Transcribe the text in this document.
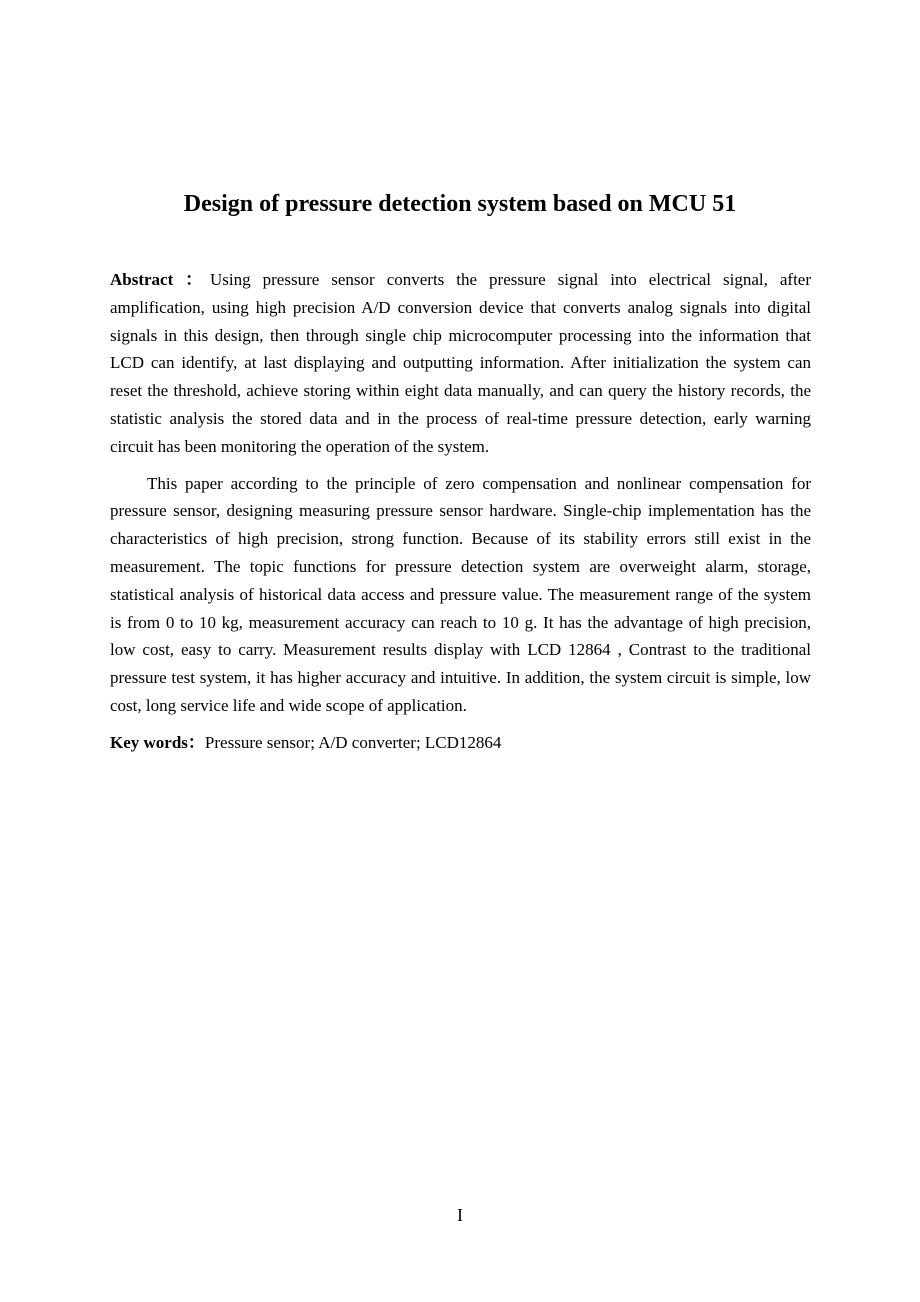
Design of pressure detection system based on MCU 51

Abstract ：Using pressure sensor converts the pressure signal into electrical signal, after amplification, using high precision A/D conversion device that converts analog signals into digital signals in this design, then through single chip microcomputer processing into the information that LCD can identify, at last displaying and outputting information. After initialization the system can reset the threshold, achieve storing within eight data manually, and can query the history records, the statistic analysis the stored data and in the process of real-time pressure detection, early warning circuit has been monitoring the operation of the system.

This paper according to the principle of zero compensation and nonlinear compensation for pressure sensor, designing measuring pressure sensor hardware. Single-chip implementation has the characteristics of high precision, strong function. Because of its stability errors still exist in the measurement. The topic functions for pressure detection system are overweight alarm, storage, statistical analysis of historical data access and pressure value. The measurement range of the system is from 0 to 10 kg, measurement accuracy can reach to 10 g. It has the advantage of high precision, low cost, easy to carry. Measurement results display with LCD 12864 , Contrast to the traditional pressure test system, it has higher accuracy and intuitive. In addition, the system circuit is simple, low cost, long service life and wide scope of application.

Key words：Pressure sensor; A/D converter; LCD12864

I
